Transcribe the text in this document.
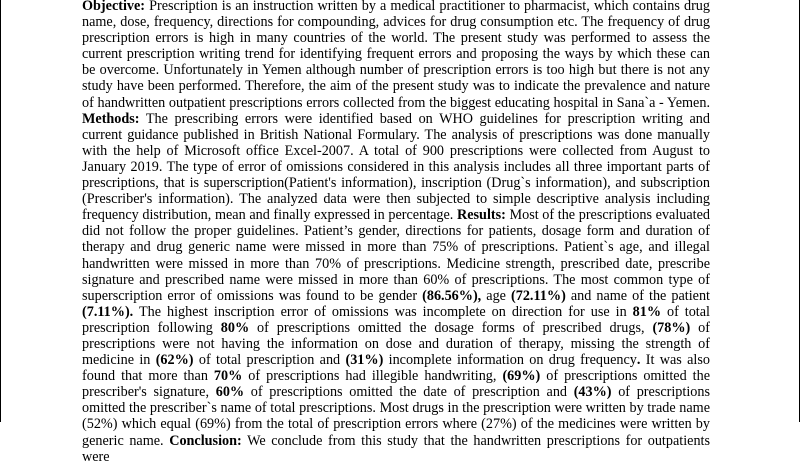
Objective: Prescription is an instruction written by a medical practitioner to pharmacist, which contains drug name, dose, frequency, directions for compounding, advices for drug consumption etc. The frequency of drug prescription errors is high in many countries of the world. The present study was performed to assess the current prescription writing trend for identifying frequent errors and proposing the ways by which these can be overcome. Unfortunately in Yemen although number of prescription errors is too high but there is not any study have been performed. Therefore, the aim of the present study was to indicate the prevalence and nature of handwritten outpatient prescriptions errors collected from the biggest educating hospital in Sana`a - Yemen. Methods: The prescribing errors were identified based on WHO guidelines for prescription writing and current guidance published in British National Formulary. The analysis of prescriptions was done manually with the help of Microsoft office Excel-2007. A total of 900 prescriptions were collected from August to January 2019. The type of error of omissions considered in this analysis includes all three important parts of prescriptions, that is superscription(Patient's information), inscription (Drug`s information), and subscription (Prescriber's information). The analyzed data were then subjected to simple descriptive analysis including frequency distribution, mean and finally expressed in percentage. Results: Most of the prescriptions evaluated did not follow the proper guidelines. Patient’s gender, directions for patients, dosage form and duration of therapy and drug generic name were missed in more than 75% of prescriptions. Patient`s age, and illegal handwritten were missed in more than 70% of prescriptions. Medicine strength, prescribed date, prescribe signature and prescribed name were missed in more than 60% of prescriptions. The most common type of superscription error of omissions was found to be gender (86.56%), age (72.11%) and name of the patient (7.11%). The highest inscription error of omissions was incomplete on direction for use in 81% of total prescription following 80% of prescriptions omitted the dosage forms of prescribed drugs, (78%) of prescriptions were not having the information on dose and duration of therapy, missing the strength of medicine in (62%) of total prescription and (31%) incomplete information on drug frequency. It was also found that more than 70% of prescriptions had illegible handwriting, (69%) of prescriptions omitted the prescriber's signature, 60% of prescriptions omitted the date of prescription and (43%) of prescriptions omitted the prescriber`s name of total prescriptions. Most drugs in the prescription were written by trade name (52%) which equal (69%) from the total of prescription errors where (27%) of the medicines were written by generic name. Conclusion: We conclude from this study that the handwritten prescriptions for outpatients were
